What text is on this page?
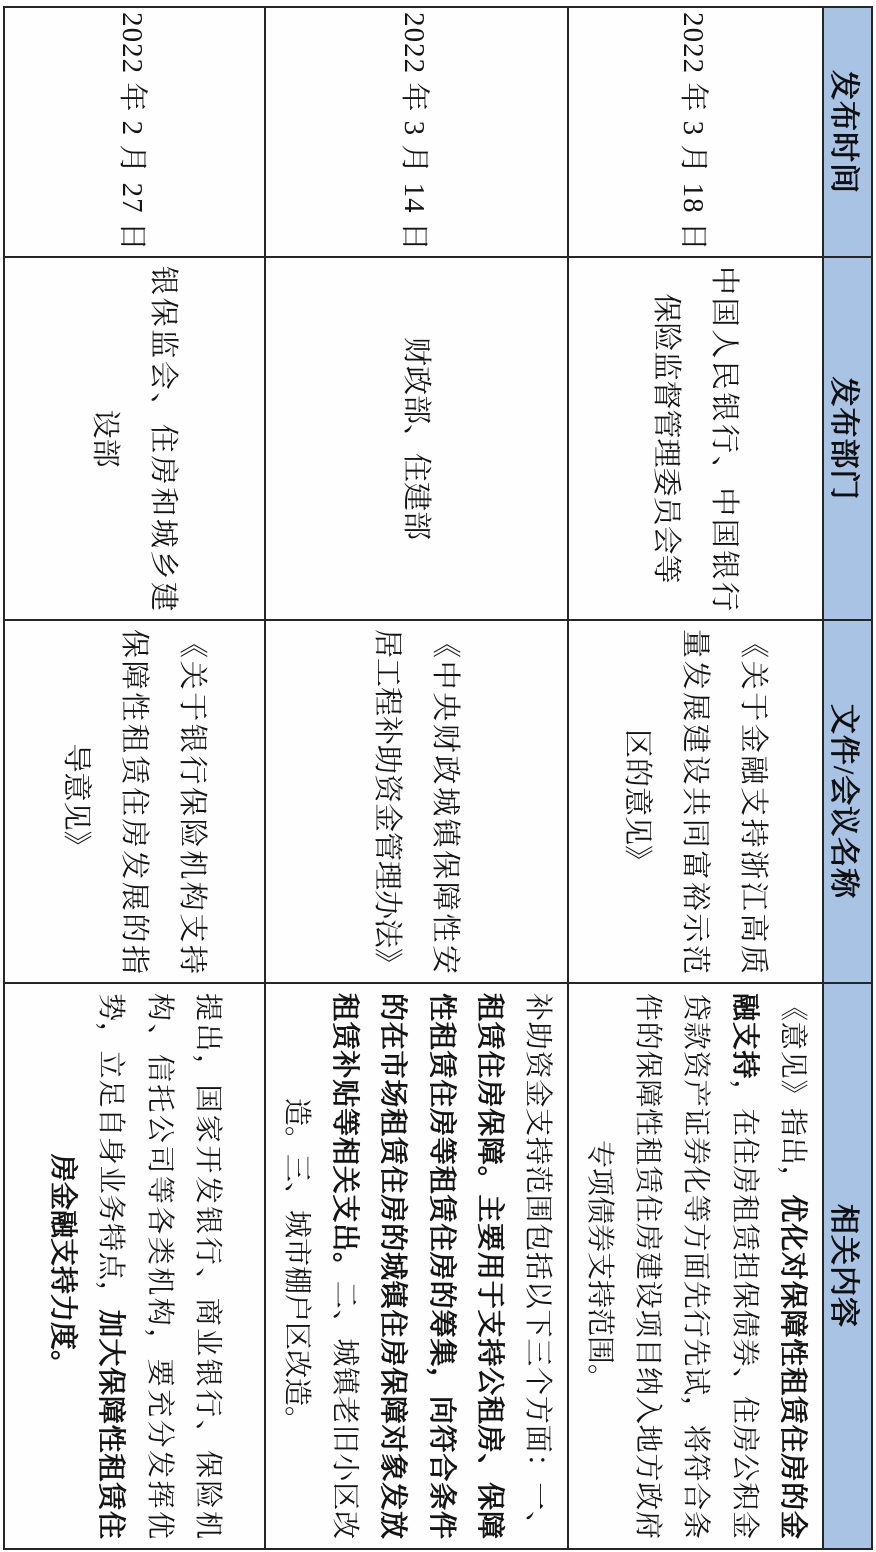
发布时间	发布部门	文件/会议名称	相关内容
2022 年 3 月 18 日	中国人民银行、中国银行保险监督管理委员会等	《关于金融支持浙江高质量发展建设共同富裕示范区的意见》	《意见》指出，优化对保障性租赁住房的金融支持，在住房租赁担保债券、住房公积金贷款资产证券化等方面先行先试，将符合条件的保障性租赁住房建设项目纳入地方政府专项债券支持范围。
2022 年 3 月 14 日	财政部、住建部	《中央财政城镇保障性安居工程补助资金管理办法》	补助资金支持范围包括以下三个方面：一、租赁住房保障。主要用于支持公租房、保障性租赁住房等租赁住房的筹集，向符合条件的在市场租赁住房的城镇住房保障对象发放租赁补贴等相关支出。二、城镇老旧小区改造。三、城市棚户区改造。
2022 年 2 月 27 日	银保监会、住房和城乡建设部	《关于银行保险机构支持保障性租赁住房发展的指导意见》	提出，国家开发银行、商业银行、保险机构、信托公司等各类机构，要充分发挥优势，立足自身业务特点，加大保障性租赁住房金融支持力度。
